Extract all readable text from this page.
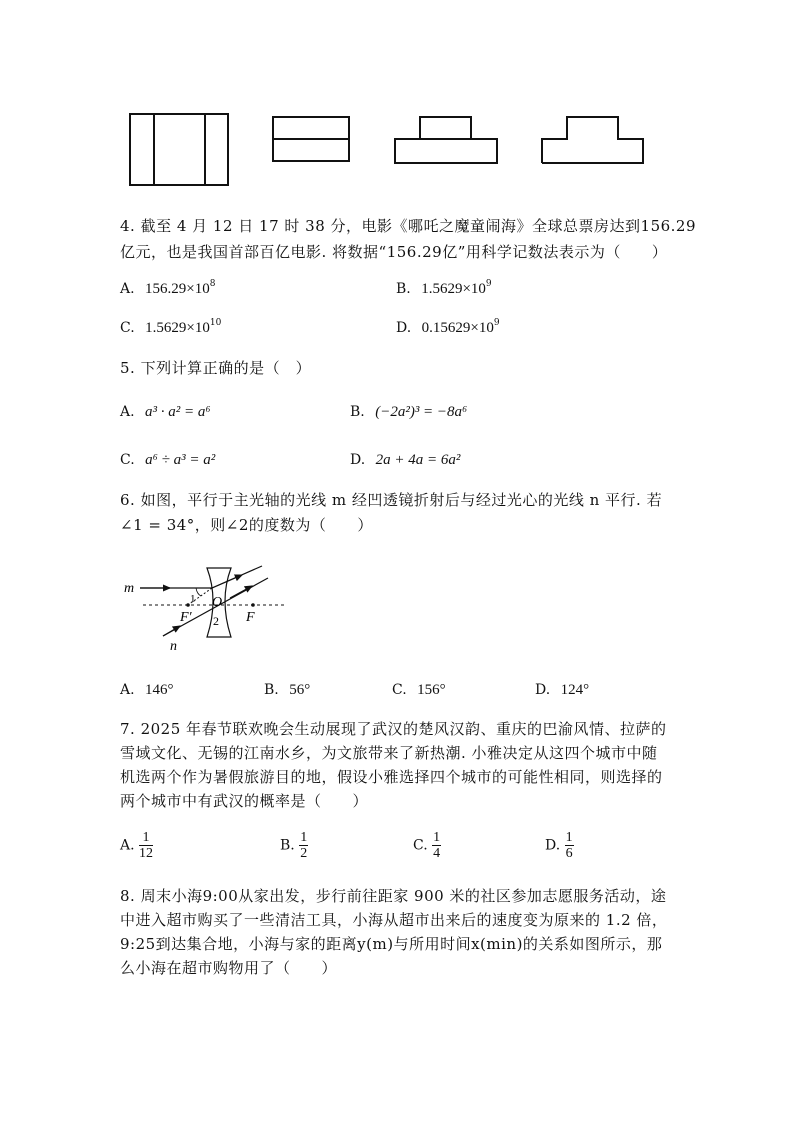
4. 截至 4 月 12 日 17 时 38 分，电影《哪吒之魔童闹海》全球总票房达到156.29
亿元，也是我国首部百亿电影. 将数据“156.29亿”用科学记数法表示为（　　）
A. $156.29\times 10^8$	B. $1.5629\times 10^9$
C. $1.5629\times 10^{10}$	D. $0.15629\times 10^9$
5. 下列计算正确的是（　）
A. a³ · a² = a⁶	B. (−2a²)³ = −8a⁶
C. a⁶ ÷ a³ = a²	D. 2a + 4a = 6a²
6. 如图，平行于主光轴的光线 m 经凹透镜折射后与经过光心的光线 n 平行. 若
∠1 = 34°，则∠2的度数为（　　）
m
n
O
F′	F
1
2
A. 146°	B. 56°	C. 156°	D. 124°
7. 2025 年春节联欢晚会生动展现了武汉的楚风汉韵、重庆的巴渝风情、拉萨的
雪域文化、无锡的江南水乡，为文旅带来了新热潮. 小雅决定从这四个城市中随
机选两个作为暑假旅游目的地，假设小雅选择四个城市的可能性相同，则选择的
两个城市中有武汉的概率是（　　）
A. $\frac{1}{12}$	B. $\frac{1}{2}$	C. $\frac{1}{4}$	D. $\frac{1}{6}$
8. 周末小海9:00从家出发，步行前往距家 900 米的社区参加志愿服务活动，途
中进入超市购买了一些清洁工具，小海从超市出来后的速度变为原来的 1.2 倍，
9:25到达集合地，小海与家的距离y(m)与所用时间x(min)的关系如图所示，那
么小海在超市购物用了（　　）
